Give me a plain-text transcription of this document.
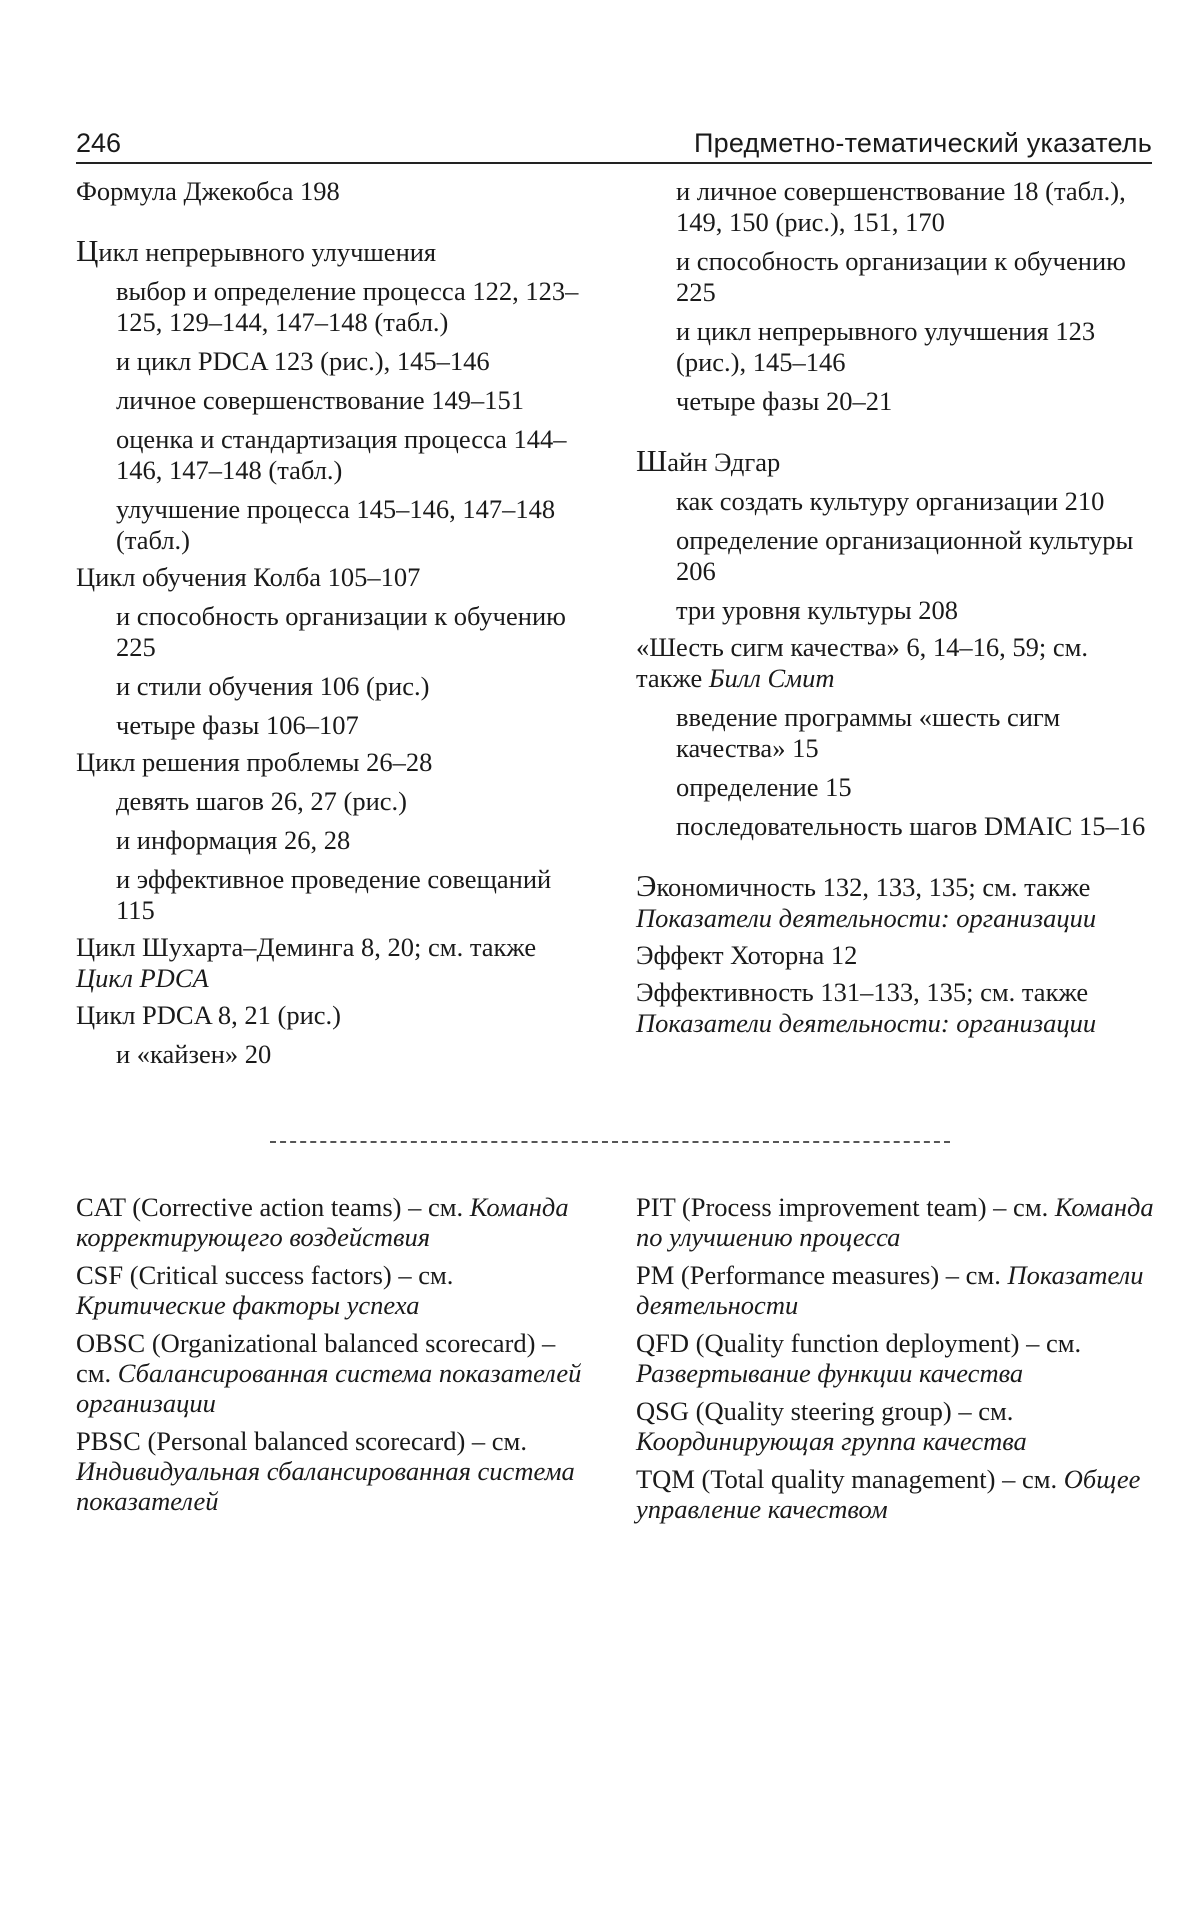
246	Предметно-тематический указатель

Формула Джекобса 198

Цикл непрерывного улучшения

выбор и определение процесса 122, 123–125, 129–144, 147–148 (табл.)

и цикл PDCA 123 (рис.), 145–146

личное совершенствование 149–151

оценка и стандартизация процесса 144–146, 147–148 (табл.)

улучшение процесса 145–146, 147–148 (табл.)

Цикл обучения Колба 105–107

и способность организации к обучению 225

и стили обучения 106 (рис.)

четыре фазы 106–107

Цикл решения проблемы 26–28

девять шагов 26, 27 (рис.)

и информация 26, 28

и эффективное проведение совещаний 115

Цикл Шухарта–Деминга 8, 20; см. также Цикл PDCA

Цикл PDCA 8, 21 (рис.)

и «кайзен» 20

и личное совершенствование 18 (табл.), 149, 150 (рис.), 151, 170

и способность организации к обучению 225

и цикл непрерывного улучшения 123 (рис.), 145–146

четыре фазы 20–21

Шайн Эдгар

как создать культуру организации 210

определение организационной культуры 206

три уровня культуры 208

«Шесть сигм качества» 6, 14–16, 59; см. также Билл Смит

введение программы «шесть сигм качества» 15

определение 15

последовательность шагов DMAIC 15–16

Экономичность 132, 133, 135; см. также Показатели деятельности: организации

Эффект Хоторна 12

Эффективность 131–133, 135; см. также Показатели деятельности: организации

CAT (Corrective action teams) – см. Команда корректирующего воздействия
CSF (Critical success factors) – см. Критические факторы успеха
OBSC (Organizational balanced scorecard) – см. Сбалансированная система показателей организации
PBSC (Personal balanced scorecard) – см. Индивидуальная сбалансированная система показателей
PIT (Process improvement team) – см. Команда по улучшению процесса
PM (Performance measures) – см. Показатели деятельности
QFD (Quality function deployment) – см. Развертывание функции качества
QSG (Quality steering group) – см. Координирующая группа качества
TQM (Total quality management) – см. Общее управление качеством
